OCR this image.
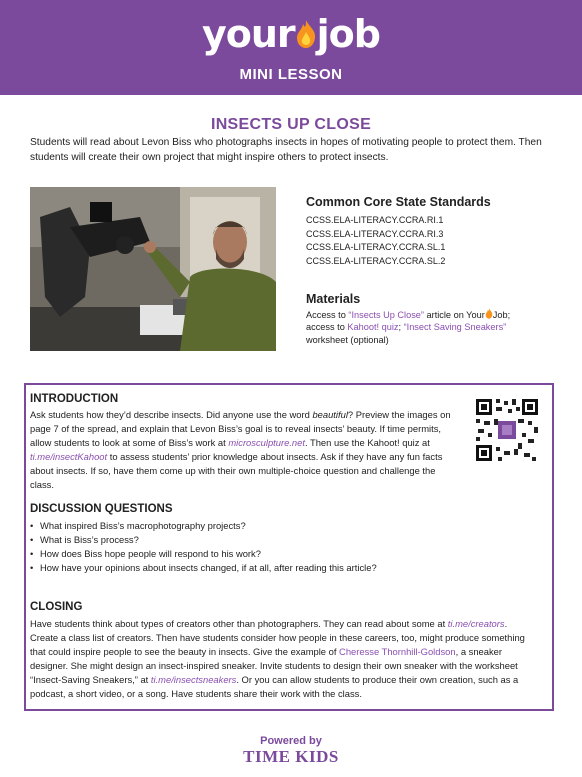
your job
MINI LESSON
INSECTS UP CLOSE
Students will read about Levon Biss who photographs insects in hopes of motivating people to protect them. Then students will create their own project that might inspire others to protect insects.
Common Core State Standards
CCSS.ELA-LITERACY.CCRA.RI.1
CCSS.ELA-LITERACY.CCRA.RI.3
CCSS.ELA-LITERACY.CCRA.SL.1
CCSS.ELA-LITERACY.CCRA.SL.2
Materials
Access to “Insects Up Close” article on Your Job;
access to Kahoot! quiz; “Insect Saving Sneakers”
worksheet (optional)
INTRODUCTION
Ask students how they’d describe insects. Did anyone use the word beautiful? Preview the images on page 7 of the spread, and explain that Levon Biss’s goal is to reveal insects’ beauty. If time permits, allow students to look at some of Biss’s work at microsculpture.net. Then use the Kahoot! quiz at ti.me/insectKahoot to assess students’ prior knowledge about insects. Ask if they have any fun facts about insects. If so, have them come up with their own multiple-choice question and challenge the class.
DISCUSSION QUESTIONS
• What inspired Biss’s macrophotography projects?
• What is Biss’s process?
• How does Biss hope people will respond to his work?
• How have your opinions about insects changed, if at all, after reading this article?
CLOSING
Have students think about types of creators other than photographers. They can read about some at ti.me/creators. Create a class list of creators. Then have students consider how people in these careers, too, might produce something that could inspire people to see the beauty in insects. Give the example of Cheresse Thornhill-Goldson, a sneaker designer. She might design an insect-inspired sneaker. Invite students to design their own sneaker with the worksheet “Insect-Saving Sneakers,” at ti.me/insectsneakers. Or you can allow students to produce their own creation, such as a podcast, a short video, or a song. Have students share their work with the class.
Powered by
TIME KIDS
